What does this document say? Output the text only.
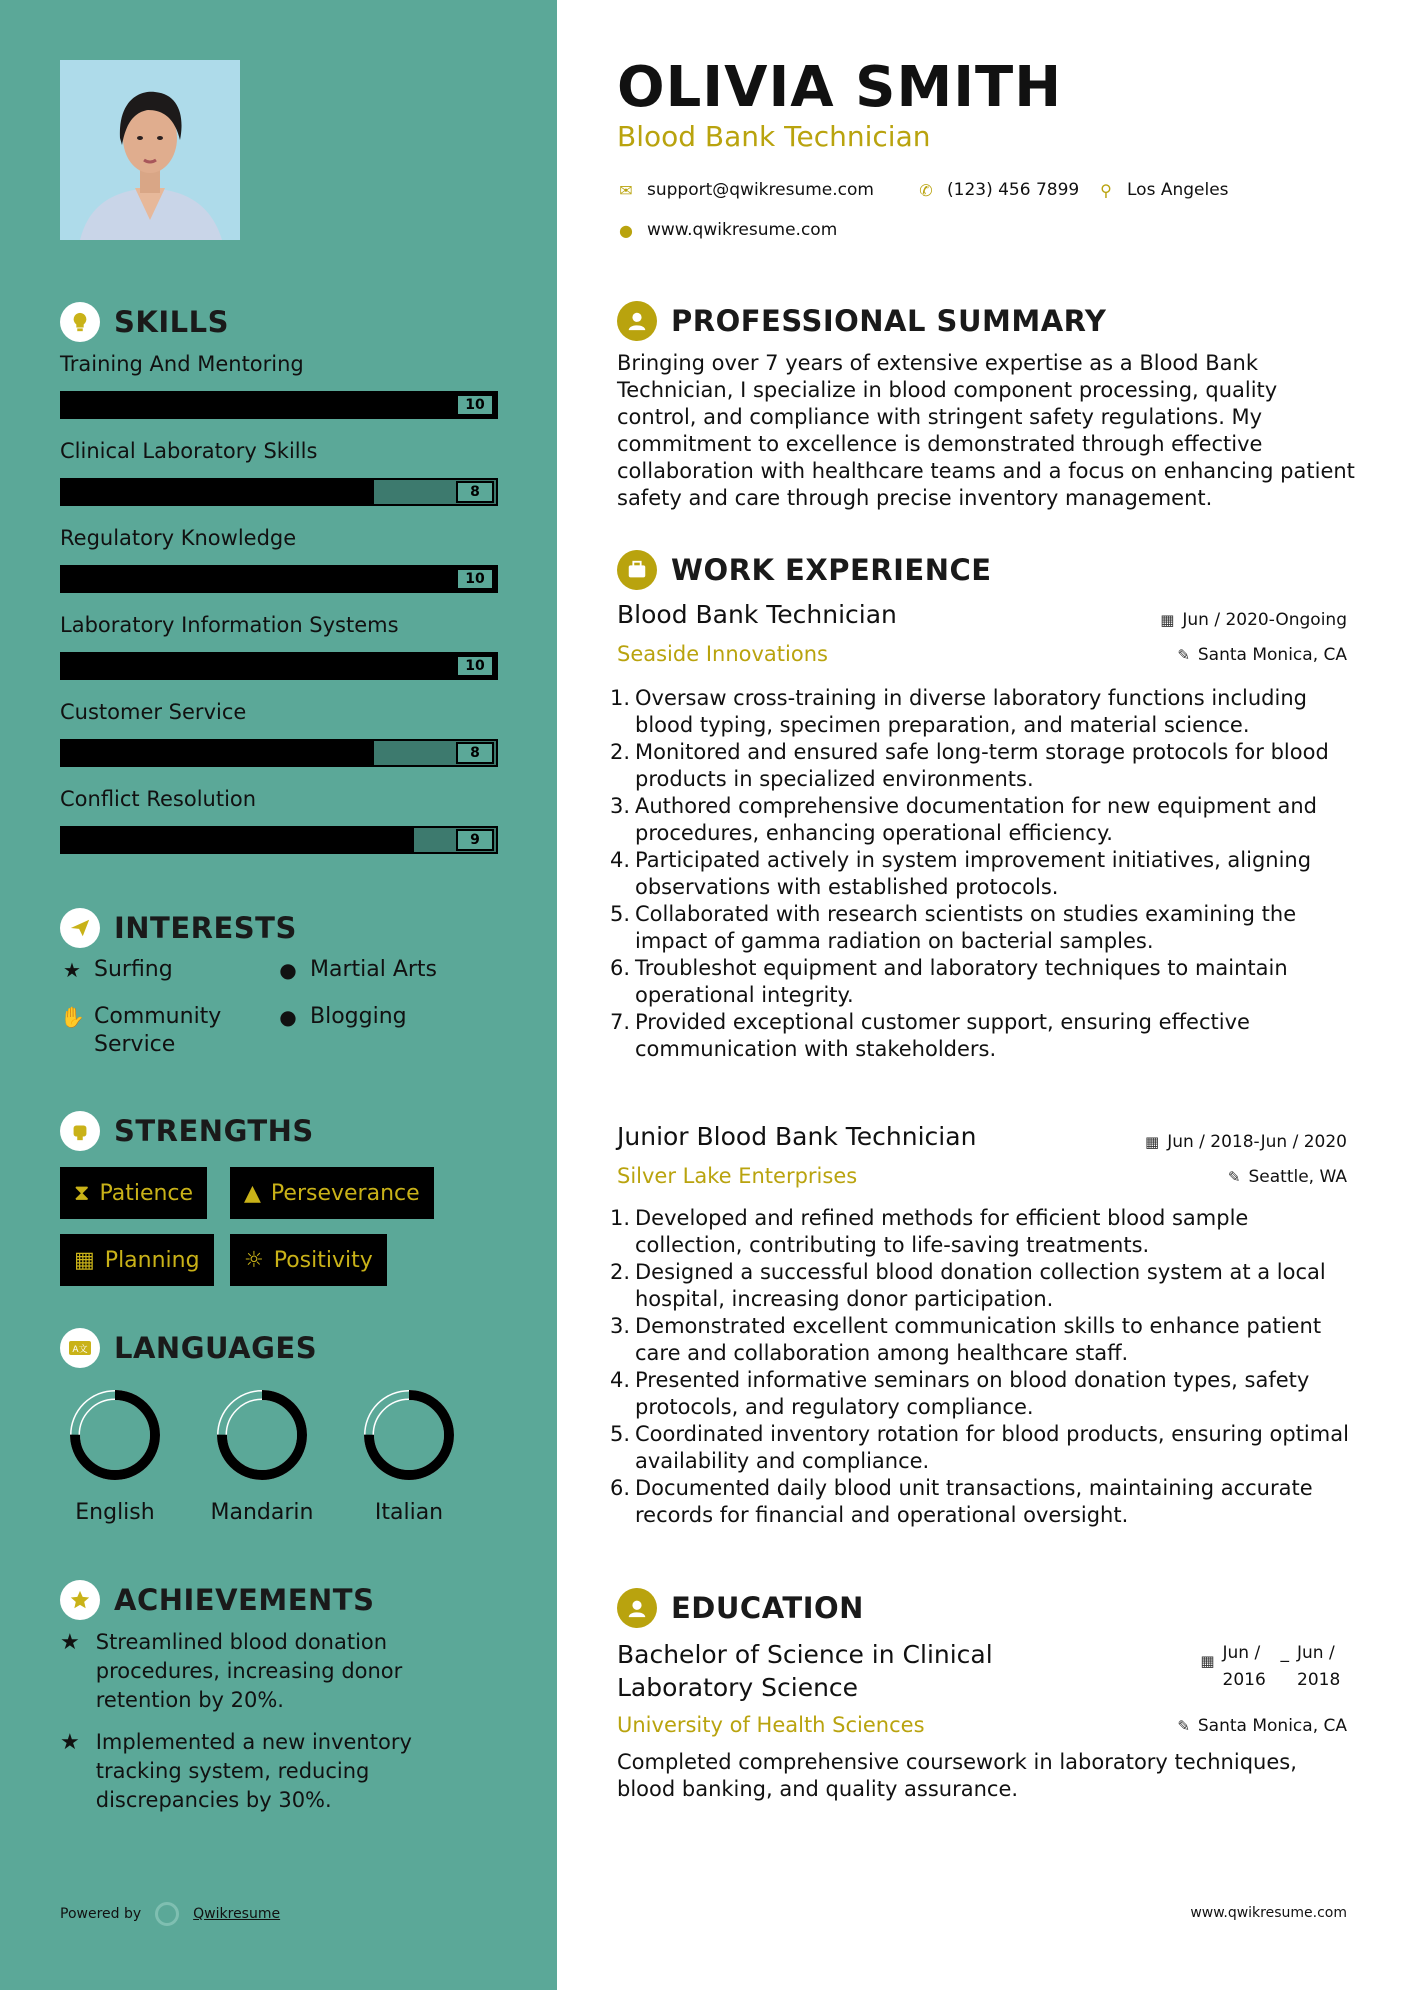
SKILLS
Training And Mentoring
10
Clinical Laboratory Skills
8
Regulatory Knowledge
10
Laboratory Information Systems
10
Customer Service
8
Conflict Resolution
9
INTERESTS
★ Surfing	● Martial Arts
✋ Community Service
● Blogging
STRENGTHS
⧗ Patience ▲ Perseverance
▦ Planning ☼ Positivity
A文 LANGUAGES
English	Mandarin	Italian
ACHIEVEMENTS
★ Streamlined blood donation procedures, increasing donor retention by 20%.
★ Implemented a new inventory tracking system, reducing discrepancies by 30%.
Powered by	Qwikresume
OLIVIA SMITH
Blood Bank Technician
✉ support@qwikresume.com	✆ (123) 456 7899 ⚲ Los Angeles
● www.qwikresume.com
PROFESSIONAL SUMMARY
Bringing over 7 years of extensive expertise as a Blood Bank Technician, I specialize in blood component processing, quality control, and compliance with stringent safety regulations. My commitment to excellence is demonstrated through effective collaboration with healthcare teams and a focus on enhancing patient safety and care through precise inventory management.
WORK EXPERIENCE
Blood Bank Technician	▦ Jun / 2020-Ongoing
Seaside Innovations	✎ Santa Monica, CA
1. Oversaw cross-training in diverse laboratory functions including blood typing, specimen preparation, and material science.
2. Monitored and ensured safe long-term storage protocols for blood products in specialized environments.
3. Authored comprehensive documentation for new equipment and procedures, enhancing operational efficiency.
4. Participated actively in system improvement initiatives, aligning observations with established protocols.
5. Collaborated with research scientists on studies examining the impact of gamma radiation on bacterial samples.
6. Troubleshot equipment and laboratory techniques to maintain operational integrity.
7. Provided exceptional customer support, ensuring effective communication with stakeholders.
Junior Blood Bank Technician	▦ Jun / 2018-Jun / 2020
Silver Lake Enterprises	✎ Seattle, WA
1. Developed and refined methods for efficient blood sample collection, contributing to life-saving treatments.
2. Designed a successful blood donation collection system at a local hospital, increasing donor participation.
3. Demonstrated excellent communication skills to enhance patient care and collaboration among healthcare staff.
4. Presented informative seminars on blood donation types, safety protocols, and regulatory compliance.
5. Coordinated inventory rotation for blood products, ensuring optimal availability and compliance.
6. Documented daily blood unit transactions, maintaining accurate records for financial and operational oversight.
EDUCATION
Bachelor of Science in Clinical Laboratory Science
▦ Jun / 2016
_ Jun / 2018
University of Health Sciences	✎ Santa Monica, CA
Completed comprehensive coursework in laboratory techniques, blood banking, and quality assurance.
www.qwikresume.com
